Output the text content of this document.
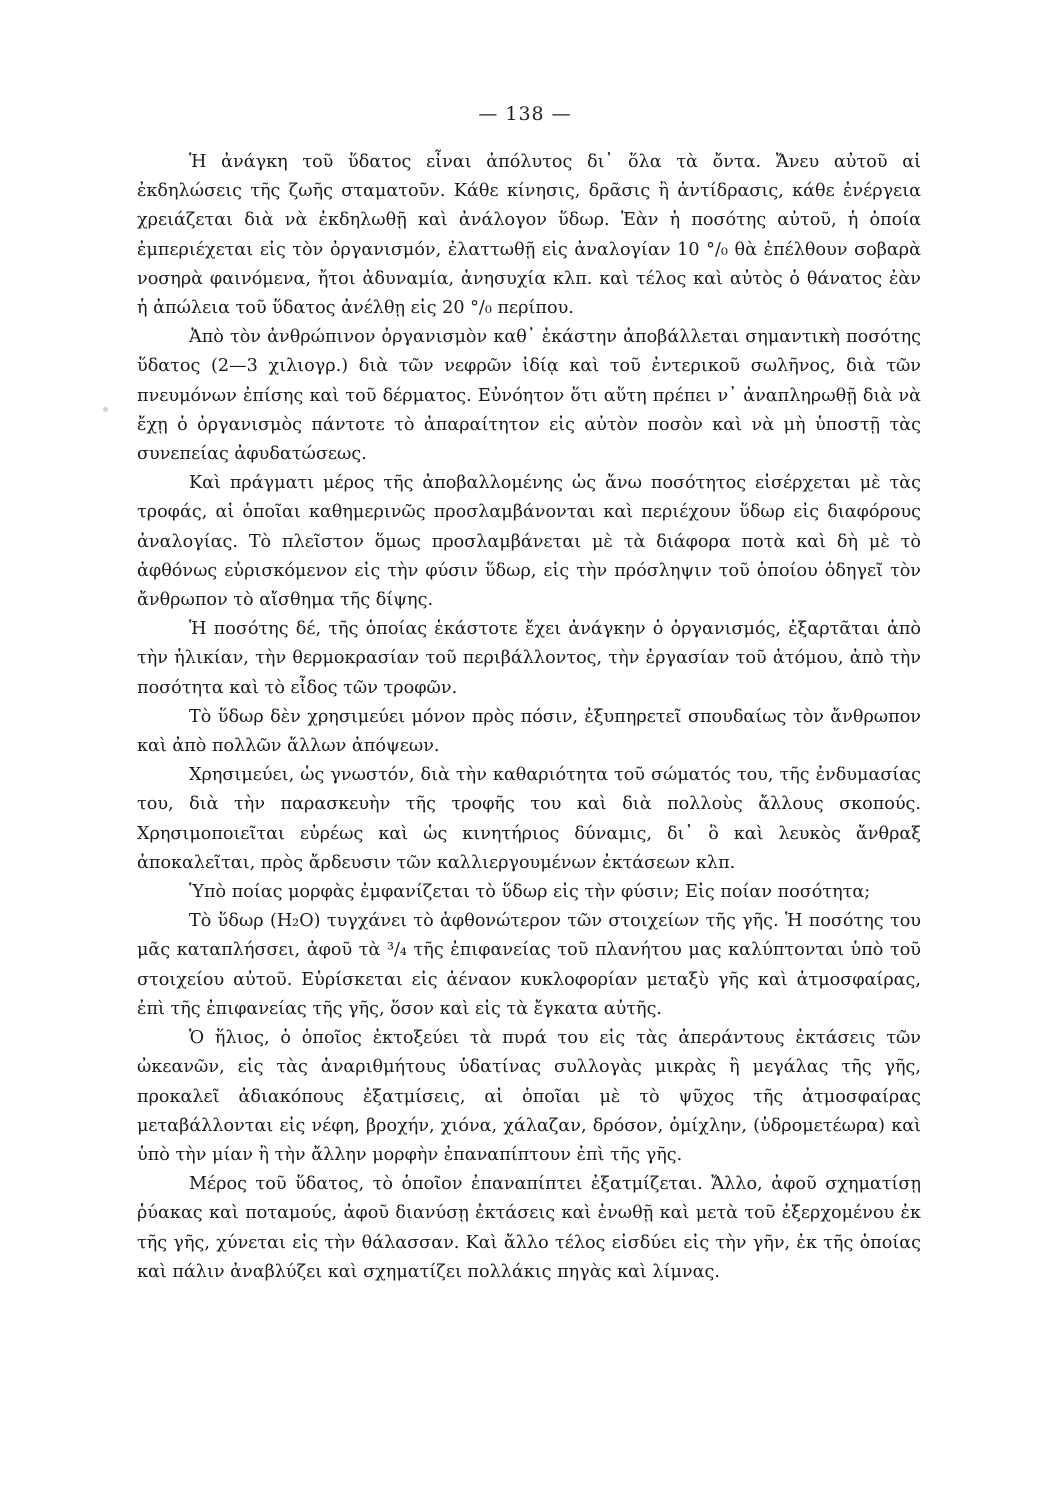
— 138 —

Ἡ ἀνάγκη τοῦ ὕδατος εἶναι ἀπόλυτος δι᾽ ὅλα τὰ ὄντα. Ἄνευ αὐτοῦ αἱ ἐκδηλώσεις τῆς ζωῆς σταματοῦν. Κάθε κίνησις, δρᾶσις ἢ ἀντίδρασις, κάθε ἐνέργεια χρειάζεται διὰ νὰ ἐκδηλωθῇ καὶ ἀνάλογον ὕδωρ. Ἐὰν ἡ ποσότης αὐτοῦ, ἡ ὁποία ἐμπεριέχεται εἰς τὸν ὀργανισμόν, ἐλαττωθῇ εἰς ἀναλογίαν 10 °/₀ θὰ ἐπέλθουν σοβαρὰ νοσηρὰ φαινόμενα, ἤτοι ἀδυναμία, ἀνησυχία κλπ. καὶ τέλος καὶ αὐτὸς ὁ θάνατος ἐὰν ἡ ἀπώλεια τοῦ ὕδατος ἀνέλθῃ εἰς 20 °/₀ περίπου.

Ἀπὸ τὸν ἀνθρώπινον ὀργανισμὸν καθ᾽ ἑκάστην ἀποβάλλεται σημαντικὴ ποσότης ὕδατος (2—3 χιλιογρ.) διὰ τῶν νεφρῶν ἰδίᾳ καὶ τοῦ ἐντερικοῦ σωλῆνος, διὰ τῶν πνευμόνων ἐπίσης καὶ τοῦ δέρματος. Εὐνόητον ὅτι αὕτη πρέπει ν᾽ ἀναπληρωθῇ διὰ νὰ ἔχῃ ὁ ὀργανισμὸς πάντοτε τὸ ἀπαραίτητον εἰς αὐτὸν ποσὸν καὶ νὰ μὴ ὑποστῇ τὰς συνεπείας ἀφυδατώσεως.

Καὶ πράγματι μέρος τῆς ἀποβαλλομένης ὡς ἄνω ποσότητος εἰσέρχεται μὲ τὰς τροφάς, αἱ ὁποῖαι καθημερινῶς προσλαμβάνονται καὶ περιέχουν ὕδωρ εἰς διαφόρους ἀναλογίας. Τὸ πλεῖστον ὅμως προσλαμβάνεται μὲ τὰ διάφορα ποτὰ καὶ δὴ μὲ τὸ ἀφθόνως εὑρισκόμενον εἰς τὴν φύσιν ὕδωρ, εἰς τὴν πρόσληψιν τοῦ ὁποίου ὁδηγεῖ τὸν ἄνθρωπον τὸ αἴσθημα τῆς δίψης.

Ἡ ποσότης δέ, τῆς ὁποίας ἑκάστοτε ἔχει ἀνάγκην ὁ ὀργανισμός, ἐξαρτᾶται ἀπὸ τὴν ἡλικίαν, τὴν θερμοκρασίαν τοῦ περιβάλλοντος, τὴν ἐργασίαν τοῦ ἀτόμου, ἀπὸ τὴν ποσότητα καὶ τὸ εἶδος τῶν τροφῶν.

Τὸ ὕδωρ δὲν χρησιμεύει μόνον πρὸς πόσιν, ἐξυπηρετεῖ σπουδαίως τὸν ἄνθρωπον καὶ ἀπὸ πολλῶν ἄλλων ἀπόψεων.

Χρησιμεύει, ὡς γνωστόν, διὰ τὴν καθαριότητα τοῦ σώματός του, τῆς ἐνδυμασίας του, διὰ τὴν παρασκευὴν τῆς τροφῆς του καὶ διὰ πολλοὺς ἄλλους σκοπούς. Χρησιμοποιεῖται εὐρέως καὶ ὡς κινητήριος δύναμις, δι᾽ ὃ καὶ λευκὸς ἄνθραξ ἀποκαλεῖται, πρὸς ἄρδευσιν τῶν καλλιεργουμένων ἐκτάσεων κλπ.

Ὑπὸ ποίας μορφὰς ἐμφανίζεται τὸ ὕδωρ εἰς τὴν φύσιν; Εἰς ποίαν ποσότητα;

Τὸ ὕδωρ (H₂O) τυγχάνει τὸ ἀφθονώτερον τῶν στοιχείων τῆς γῆς. Ἡ ποσότης του μᾶς καταπλήσσει, ἀφοῦ τὰ ³/₄ τῆς ἐπιφανείας τοῦ πλανήτου μας καλύπτονται ὑπὸ τοῦ στοιχείου αὐτοῦ. Εὑρίσκεται εἰς ἀέναον κυκλοφορίαν μεταξὺ γῆς καὶ ἀτμοσφαίρας, ἐπὶ τῆς ἐπιφανείας τῆς γῆς, ὅσον καὶ εἰς τὰ ἔγκατα αὐτῆς.

Ὁ ἥλιος, ὁ ὁποῖος ἐκτοξεύει τὰ πυρά του εἰς τὰς ἀπεράντους ἐκτάσεις τῶν ὠκεανῶν, εἰς τὰς ἀναριθμήτους ὑδατίνας συλλογὰς μικρὰς ἢ μεγάλας τῆς γῆς, προκαλεῖ ἀδιακόπους ἐξατμίσεις, αἱ ὁποῖαι μὲ τὸ ψῦχος τῆς ἀτμοσφαίρας μεταβάλλονται εἰς νέφη, βροχήν, χιόνα, χάλαζαν, δρόσον, ὁμίχλην, (ὑδρομετέωρα) καὶ ὑπὸ τὴν μίαν ἢ τὴν ἄλλην μορφὴν ἐπαναπίπτουν ἐπὶ τῆς γῆς.

Μέρος τοῦ ὕδατος, τὸ ὁποῖον ἐπαναπίπτει ἐξατμίζεται. Ἄλλο, ἀφοῦ σχηματίσῃ ῥύακας καὶ ποταμούς, ἀφοῦ διανύσῃ ἐκτάσεις καὶ ἑνωθῇ καὶ μετὰ τοῦ ἐξερχομένου ἐκ τῆς γῆς, χύνεται εἰς τὴν θάλασσαν. Καὶ ἄλλο τέλος εἰσδύει εἰς τὴν γῆν, ἐκ τῆς ὁποίας καὶ πάλιν ἀναβλύζει καὶ σχηματίζει πολλάκις πηγὰς καὶ λίμνας.
